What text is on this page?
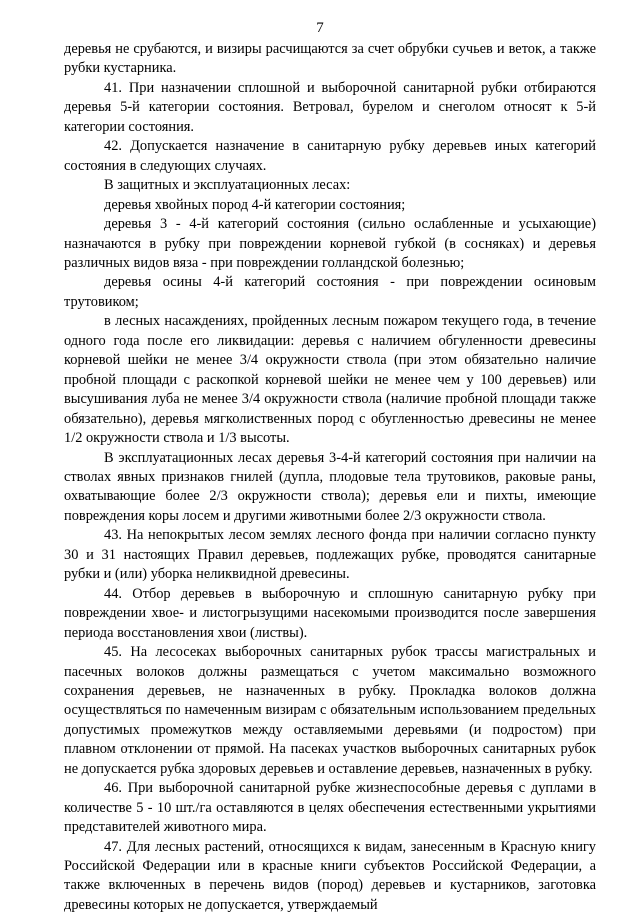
7

деревья не срубаются, и визиры расчищаются за счет обрубки сучьев и веток, а также рубки кустарника.

41. При назначении сплошной и выборочной санитарной рубки отбираются деревья 5-й категории состояния. Ветровал, бурелом и снеголом относят к 5-й категории состояния.

42. Допускается назначение в санитарную рубку деревьев иных категорий состояния в следующих случаях.

В защитных и эксплуатационных лесах:

деревья хвойных пород 4-й категории состояния;

деревья 3 - 4-й категорий состояния (сильно ослабленные и усыхающие) назначаются в рубку при повреждении корневой губкой (в сосняках) и деревья различных видов вяза - при повреждении голландской болезнью;

деревья осины 4-й категорий состояния - при повреждении осиновым трутовиком;

в лесных насаждениях, пройденных лесным пожаром текущего года, в течение одного года после его ликвидации: деревья с наличием обгуленности древесины корневой шейки не менее 3/4 окружности ствола (при этом обязательно наличие пробной площади с раскопкой корневой шейки не менее чем у 100 деревьев) или высушивания луба не менее 3/4 окружности ствола (наличие пробной площади также обязательно), деревья мягколиственных пород с обугленностью древесины не менее 1/2 окружности ствола и 1/3 высоты.

В эксплуатационных лесах деревья 3-4-й категорий состояния при наличии на стволах явных признаков гнилей (дупла, плодовые тела трутовиков, раковые раны, охватывающие более 2/3 окружности ствола); деревья ели и пихты, имеющие повреждения коры лосем и другими животными более 2/3 окружности ствола.

43. На непокрытых лесом землях лесного фонда при наличии согласно пункту 30 и 31 настоящих Правил деревьев, подлежащих рубке, проводятся санитарные рубки и (или) уборка неликвидной древесины.

44. Отбор деревьев в выборочную и сплошную санитарную рубку при повреждении хвое- и листогрызущими насекомыми производится после завершения периода восстановления хвои (листвы).

45. На лесосеках выборочных санитарных рубок трассы магистральных и пасечных волоков должны размещаться с учетом максимально возможного сохранения деревьев, не назначенных в рубку. Прокладка волоков должна осуществляться по намеченным визирам с обязательным использованием предельных допустимых промежутков между оставляемыми деревьями (и подростом) при плавном отклонении от прямой. На пасеках участков выборочных санитарных рубок не допускается рубка здоровых деревьев и оставление деревьев, назначенных в рубку.

46. При выборочной санитарной рубке жизнеспособные деревья с дуплами в количестве 5 - 10 шт./га оставляются в целях обеспечения естественными укрытиями представителей животного мира.

47. Для лесных растений, относящихся к видам, занесенным в Красную книгу Российской Федерации или в красные книги субъектов Российской Федерации, а также включенных в перечень видов (пород) деревьев и кустарников, заготовка древесины которых не допускается, утверждаемый
